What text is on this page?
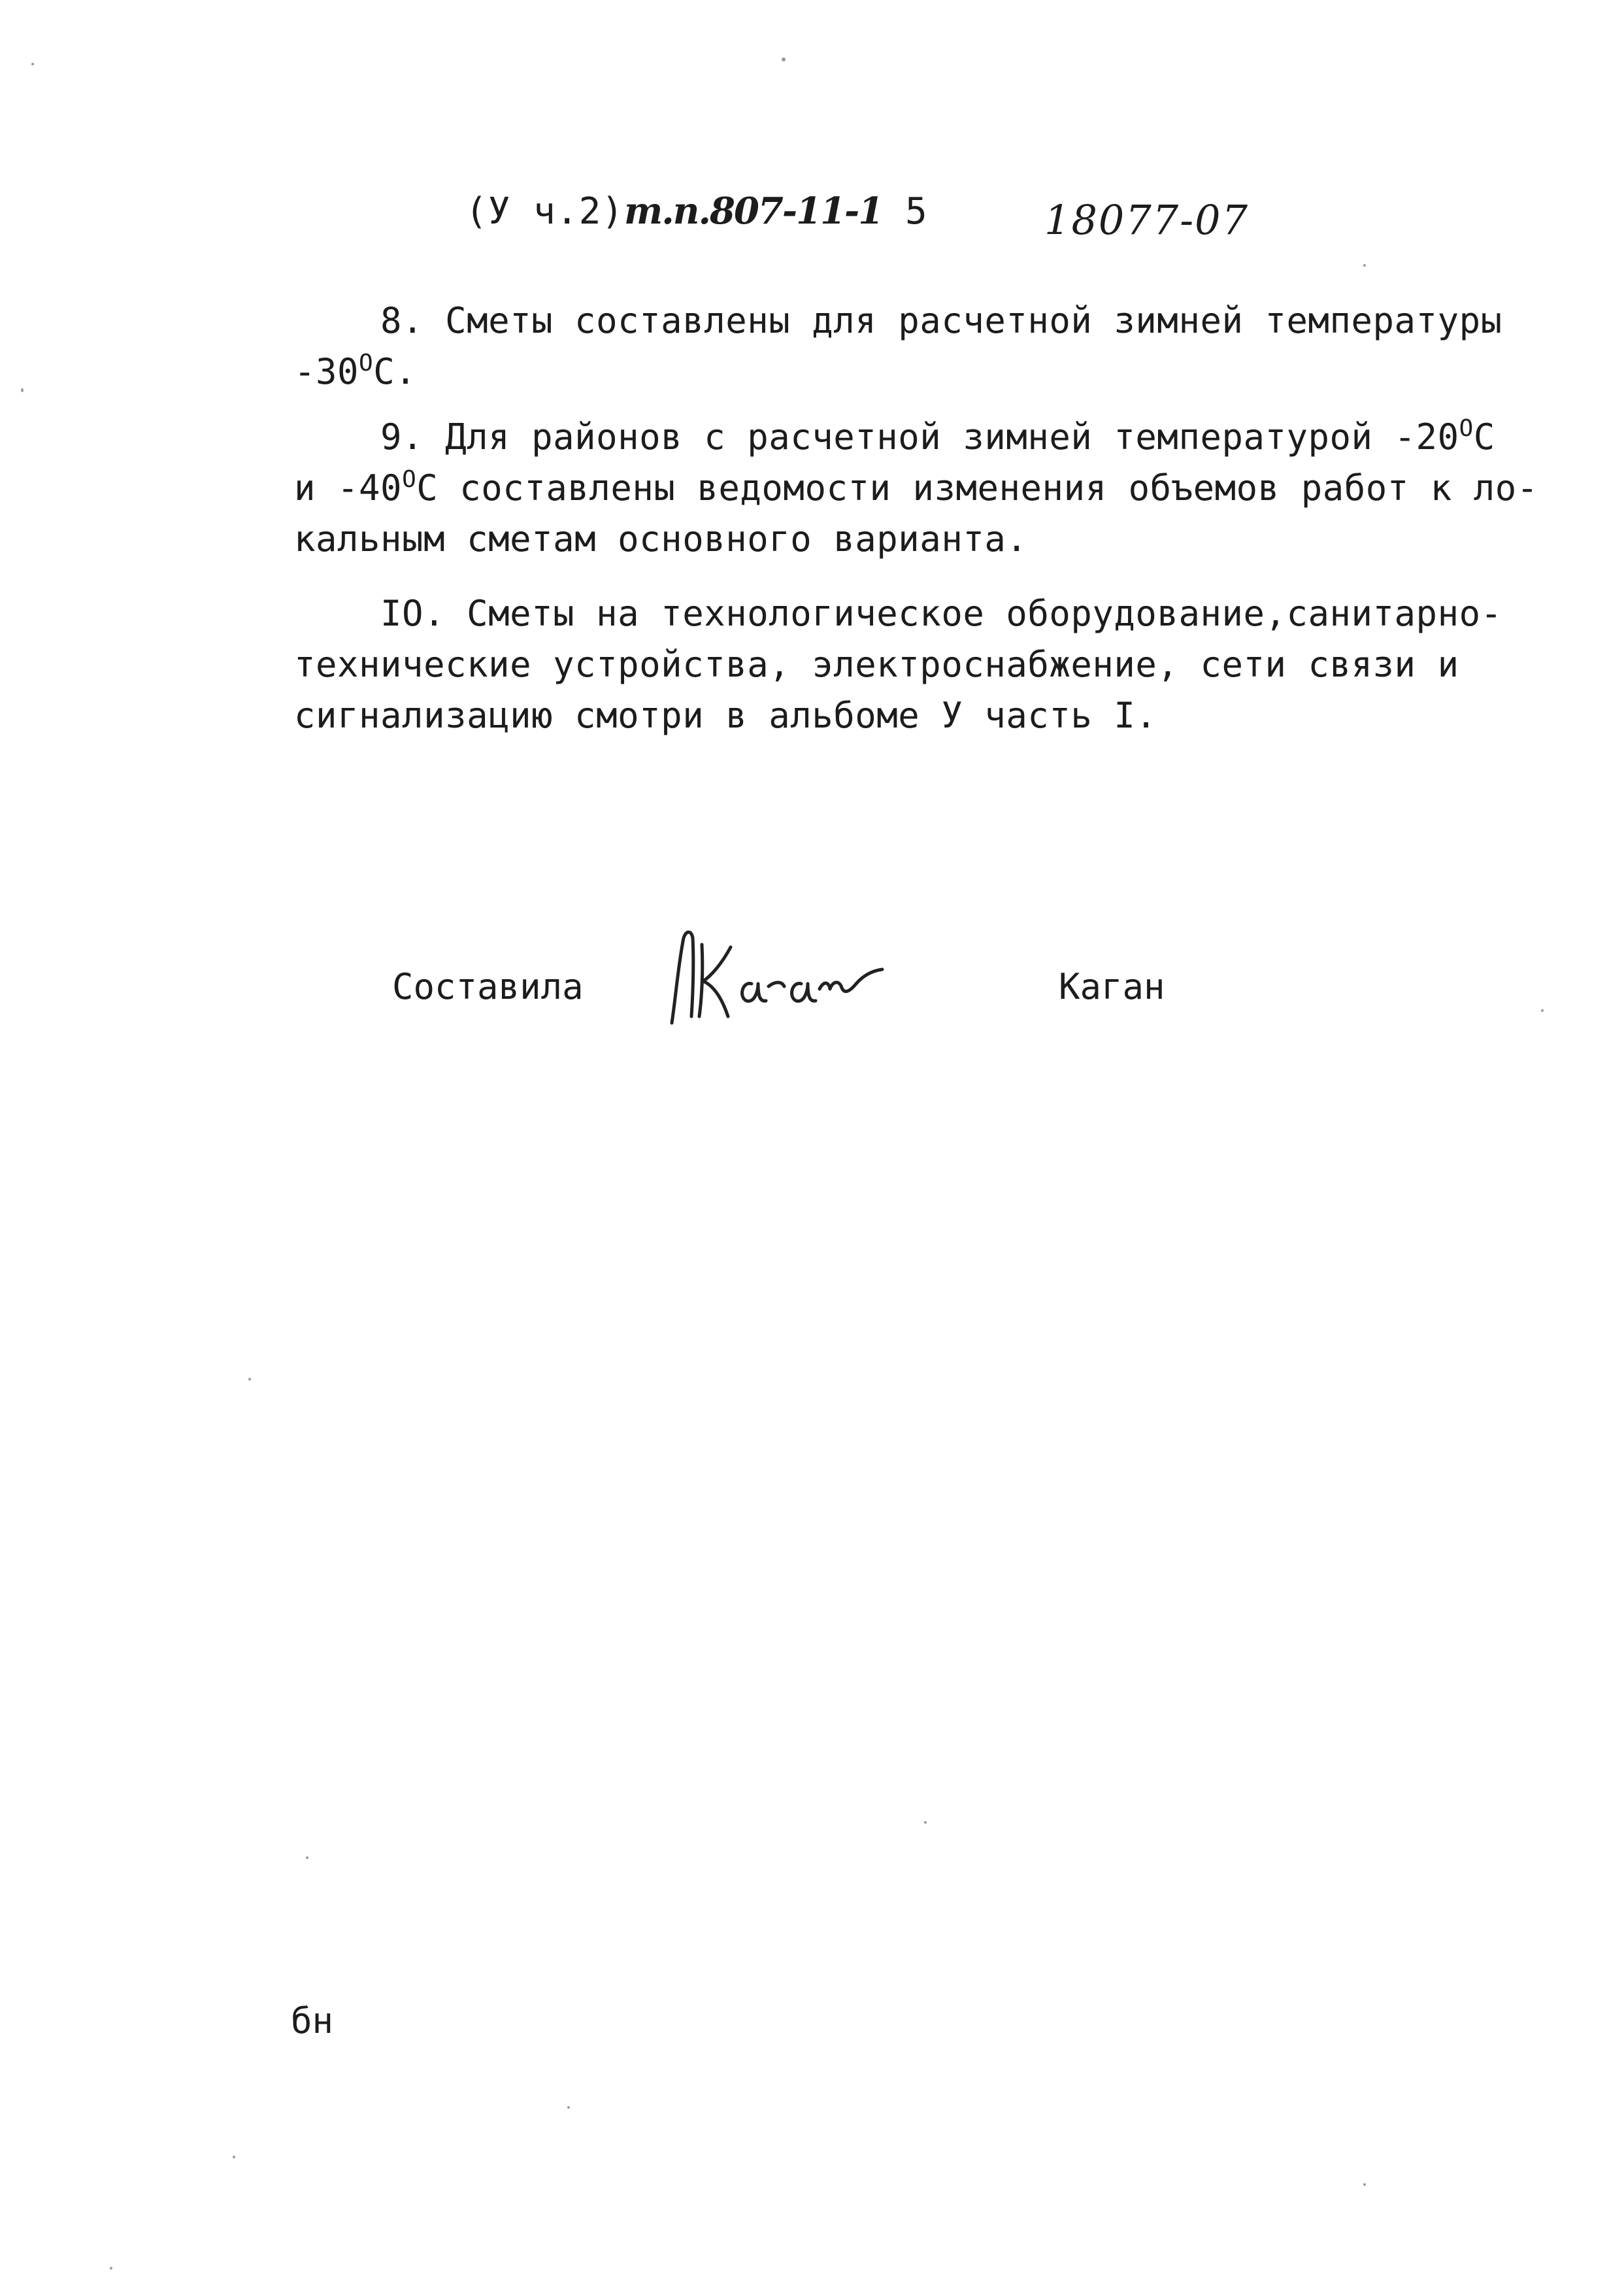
(У ч.2)т.п.807-11-1 5	18077-07
8. Сметы составлены для расчетной зимней температуры
$-30^ОС$.
9. Для районов с расчетной зимней температурой $-20^ОС$
и $-40^ОС$ составлены ведомости изменения объемов работ к ло-
кальным сметам основного варианта.
IО. Сметы на технологическое оборудование,санитарно-
технические устройства, электроснабжение, сети связи и
сигнализацию смотри в альбоме У часть I.
Составила	Каган
бн
